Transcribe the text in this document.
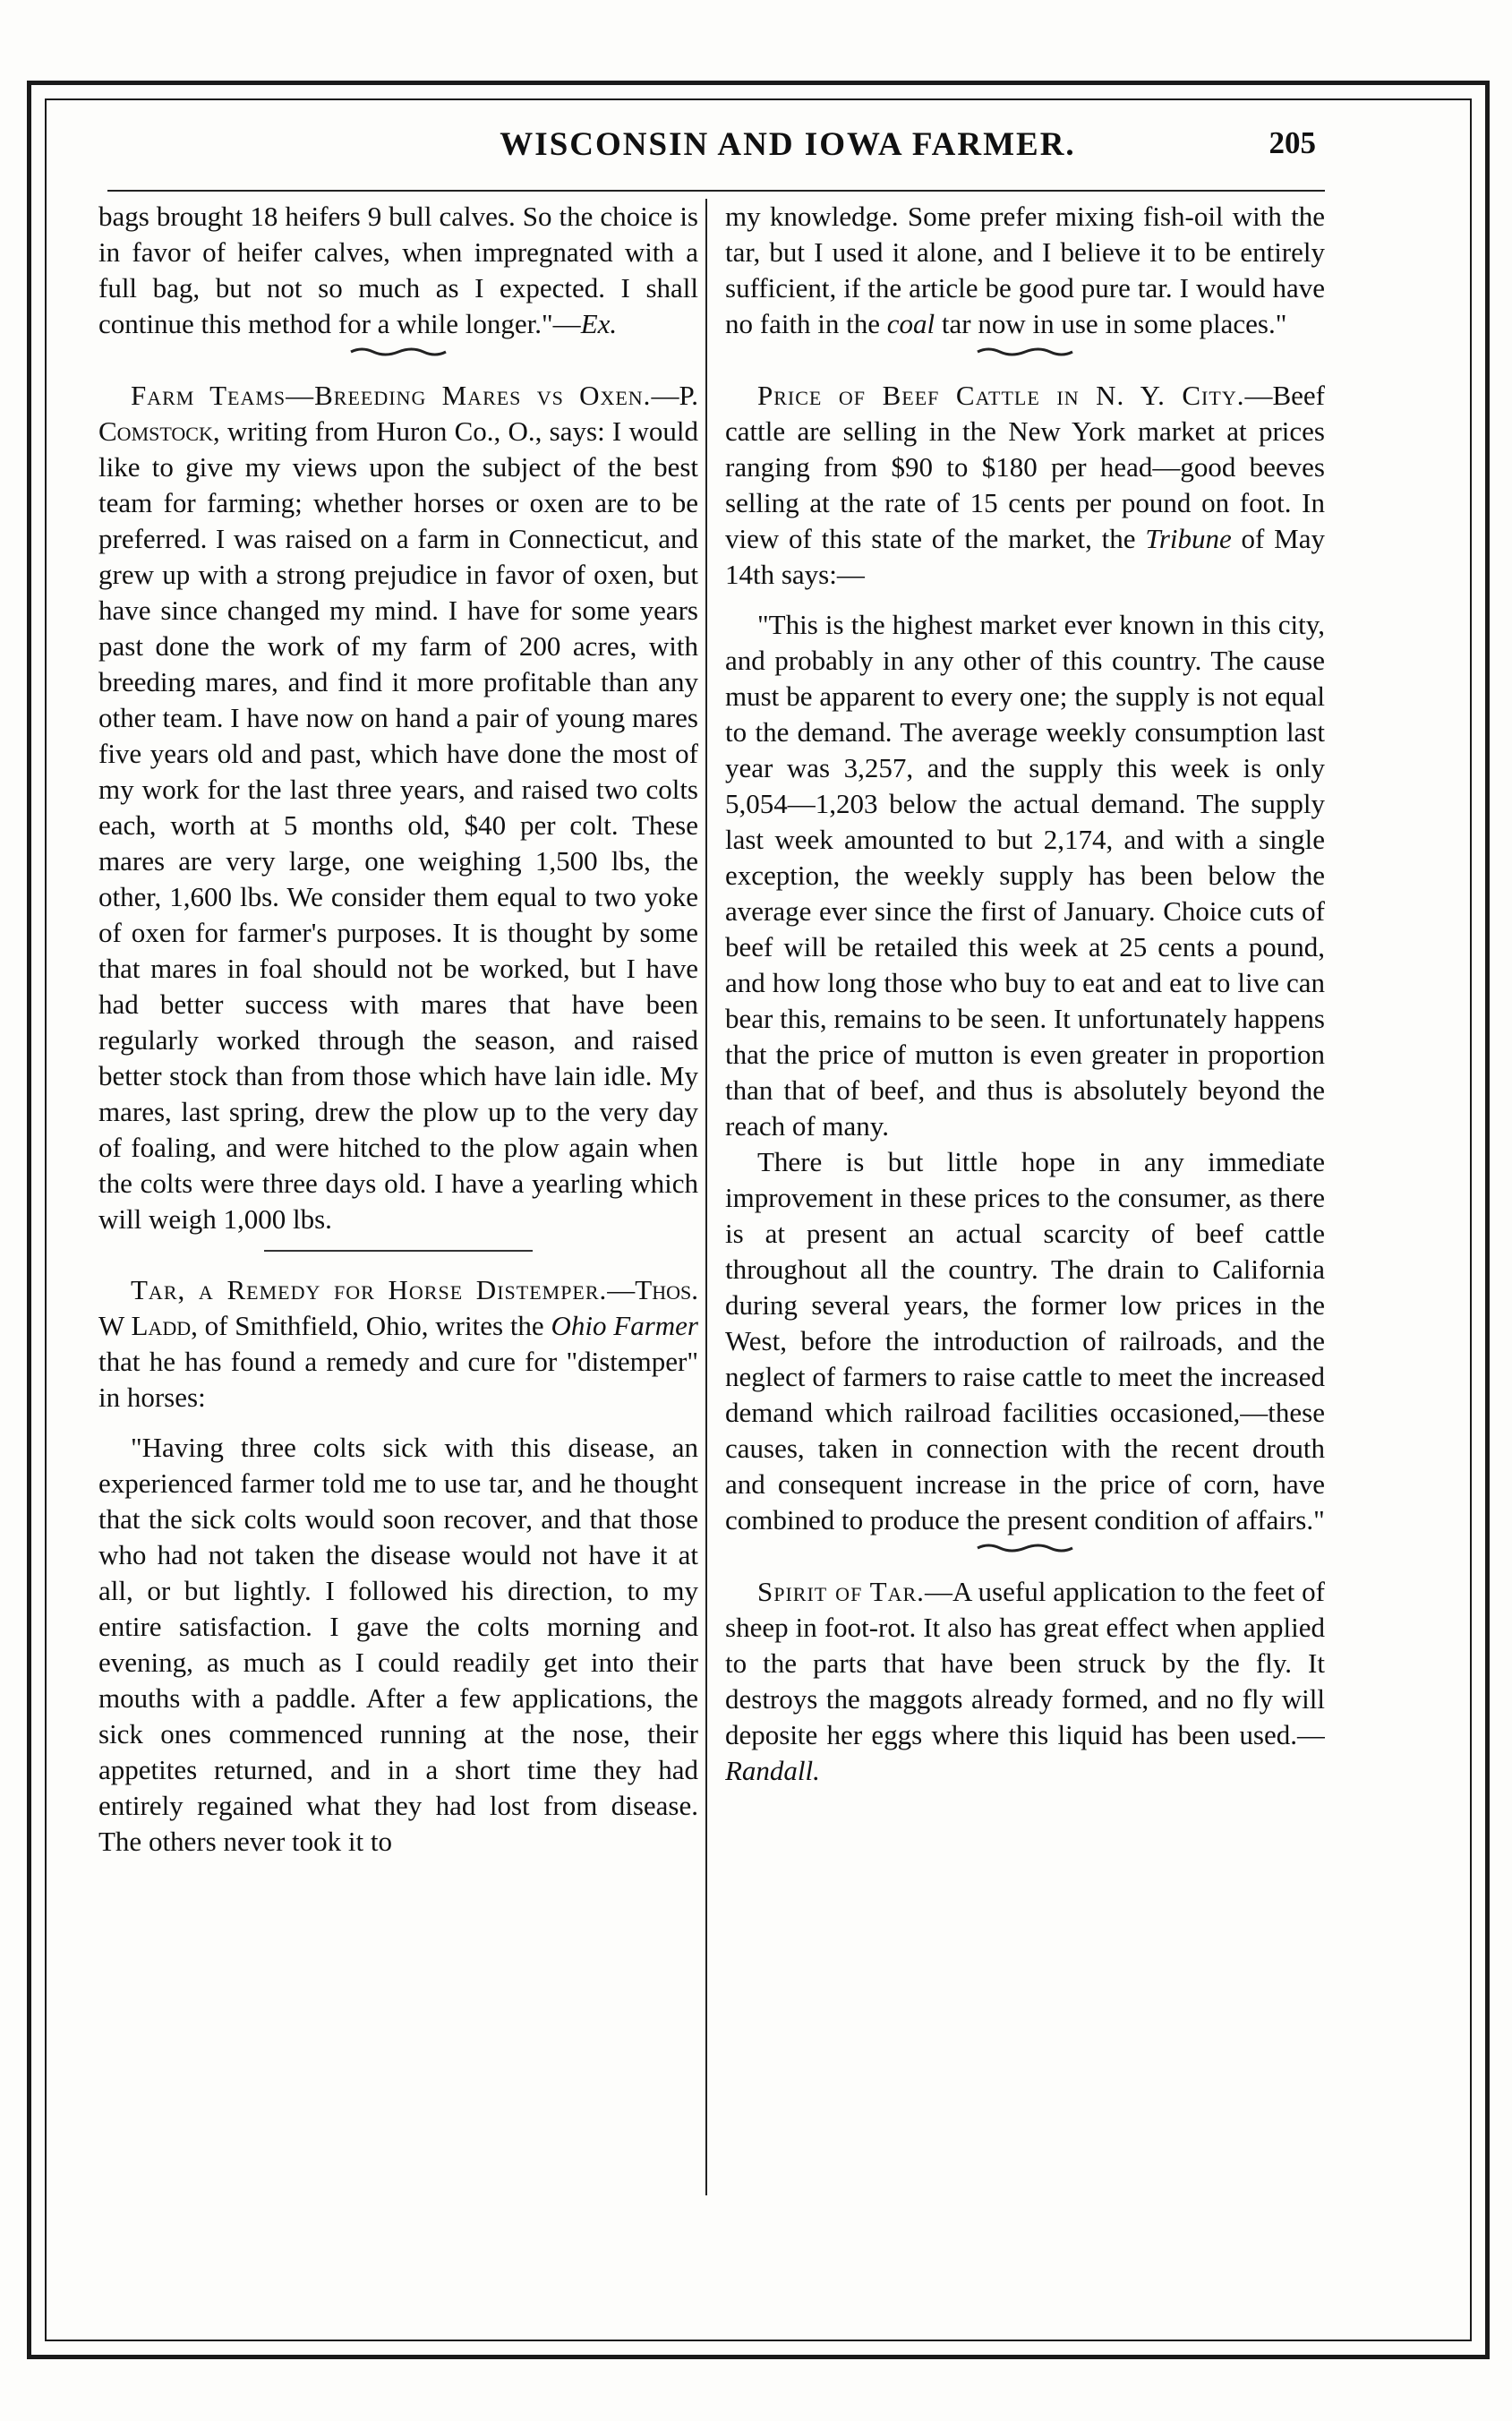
WISCONSIN AND IOWA FARMER.	205

bags brought 18 heifers 9 bull calves. So the choice is in favor of heifer calves, when impregnated with a full bag, but not so much as I expected. I shall continue this method for a while longer."—Ex.

Farm Teams—Breeding Mares vs Oxen.—P. Comstock, writing from Huron Co., O., says: I would like to give my views upon the subject of the best team for farming; whether horses or oxen are to be preferred. I was raised on a farm in Connecticut, and grew up with a strong prejudice in favor of oxen, but have since changed my mind. I have for some years past done the work of my farm of 200 acres, with breeding mares, and find it more profitable than any other team. I have now on hand a pair of young mares five years old and past, which have done the most of my work for the last three years, and raised two colts each, worth at 5 months old, $40 per colt. These mares are very large, one weighing 1,500 lbs, the other, 1,600 lbs. We consider them equal to two yoke of oxen for farmer's purposes. It is thought by some that mares in foal should not be worked, but I have had better success with mares that have been regularly worked through the season, and raised better stock than from those which have lain idle. My mares, last spring, drew the plow up to the very day of foaling, and were hitched to the plow again when the colts were three days old. I have a yearling which will weigh 1,000 lbs.

Tar, a Remedy for Horse Distemper.—Thos. W Ladd, of Smithfield, Ohio, writes the Ohio Farmer that he has found a remedy and cure for "distemper" in horses:

"Having three colts sick with this disease, an experienced farmer told me to use tar, and he thought that the sick colts would soon recover, and that those who had not taken the disease would not have it at all, or but lightly. I followed his direction, to my entire satisfaction. I gave the colts morning and evening, as much as I could readily get into their mouths with a paddle. After a few applications, the sick ones commenced running at the nose, their appetites returned, and in a short time they had entirely regained what they had lost from disease. The others never took it to

my knowledge. Some prefer mixing fish-oil with the tar, but I used it alone, and I believe it to be entirely sufficient, if the article be good pure tar. I would have no faith in the coal tar now in use in some places."

Price of Beef Cattle in N. Y. City.—Beef cattle are selling in the New York market at prices ranging from $90 to $180 per head—good beeves selling at the rate of 15 cents per pound on foot. In view of this state of the market, the Tribune of May 14th says:—

"This is the highest market ever known in this city, and probably in any other of this country. The cause must be apparent to every one; the supply is not equal to the demand. The average weekly consumption last year was 3,257, and the supply this week is only 5,054—1,203 below the actual demand. The supply last week amounted to but 2,174, and with a single exception, the weekly supply has been below the average ever since the first of January. Choice cuts of beef will be retailed this week at 25 cents a pound, and how long those who buy to eat and eat to live can bear this, remains to be seen. It unfortunately happens that the price of mutton is even greater in proportion than that of beef, and thus is absolutely beyond the reach of many.

There is but little hope in any immediate improvement in these prices to the consumer, as there is at present an actual scarcity of beef cattle throughout all the country. The drain to California during several years, the former low prices in the West, before the introduction of railroads, and the neglect of farmers to raise cattle to meet the increased demand which railroad facilities occasioned,—these causes, taken in connection with the recent drouth and consequent increase in the price of corn, have combined to produce the present condition of affairs."

Spirit of Tar.—A useful application to the feet of sheep in foot-rot. It also has great effect when applied to the parts that have been struck by the fly. It destroys the maggots already formed, and no fly will deposite her eggs where this liquid has been used.—Randall.
